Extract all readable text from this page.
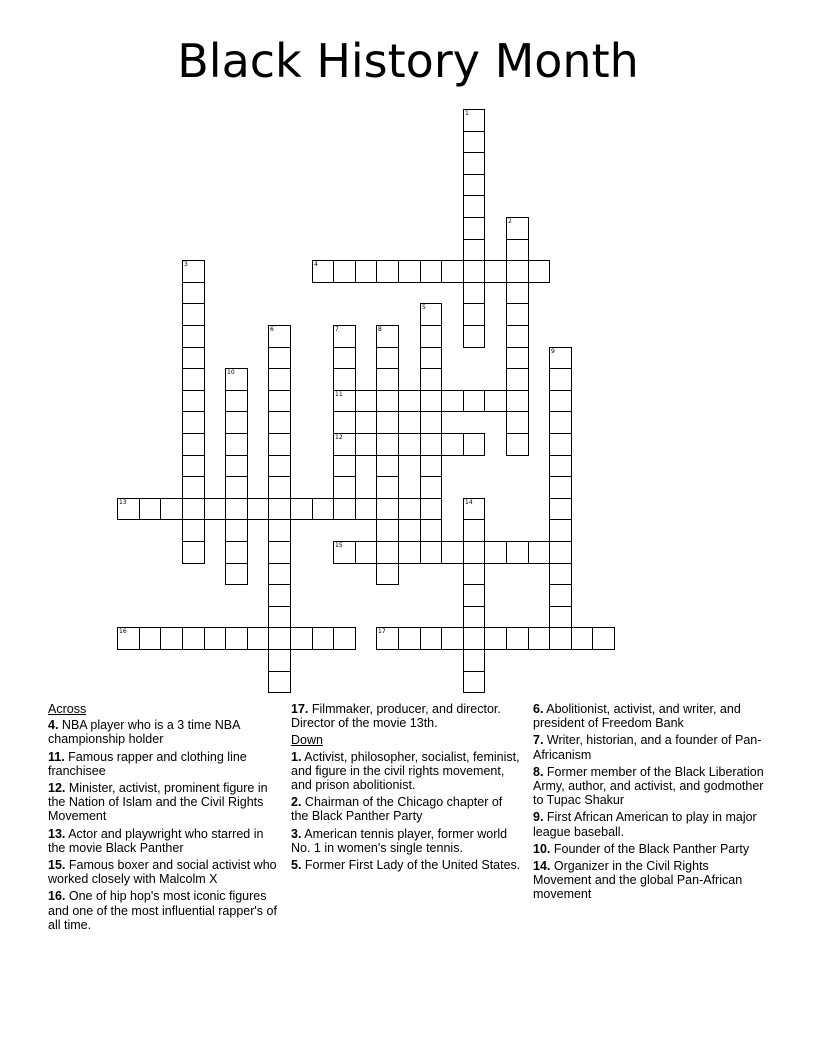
Black History Month
4
11
12
13
15
16	17
1
2
3
5
6	7	8
9
10
14
Across
4. NBA player who is a 3 time NBA championship holder
11. Famous rapper and clothing line franchisee
12. Minister, activist, prominent figure in the Nation of Islam and the Civil Rights Movement
13. Actor and playwright who starred in the movie Black Panther
15. Famous boxer and social activist who worked closely with Malcolm X
16. One of hip hop's most iconic figures and one of the most influential rapper's of all time.
17. Filmmaker, producer, and director. Director of the movie 13th.
Down
1. Activist, philosopher, socialist, feminist, and figure in the civil rights movement, and prison abolitionist.
2. Chairman of the Chicago chapter of the Black Panther Party
3. American tennis player, former world No. 1 in women's single tennis.
5. Former First Lady of the United States.
6. Abolitionist, activist, and writer, and president of Freedom Bank
7. Writer, historian, and a founder of Pan-Africanism
8. Former member of the Black Liberation Army, author, and activist, and godmother to Tupac Shakur
9. First African American to play in major league baseball.
10. Founder of the Black Panther Party
14. Organizer in the Civil Rights Movement and the global Pan-African movement
